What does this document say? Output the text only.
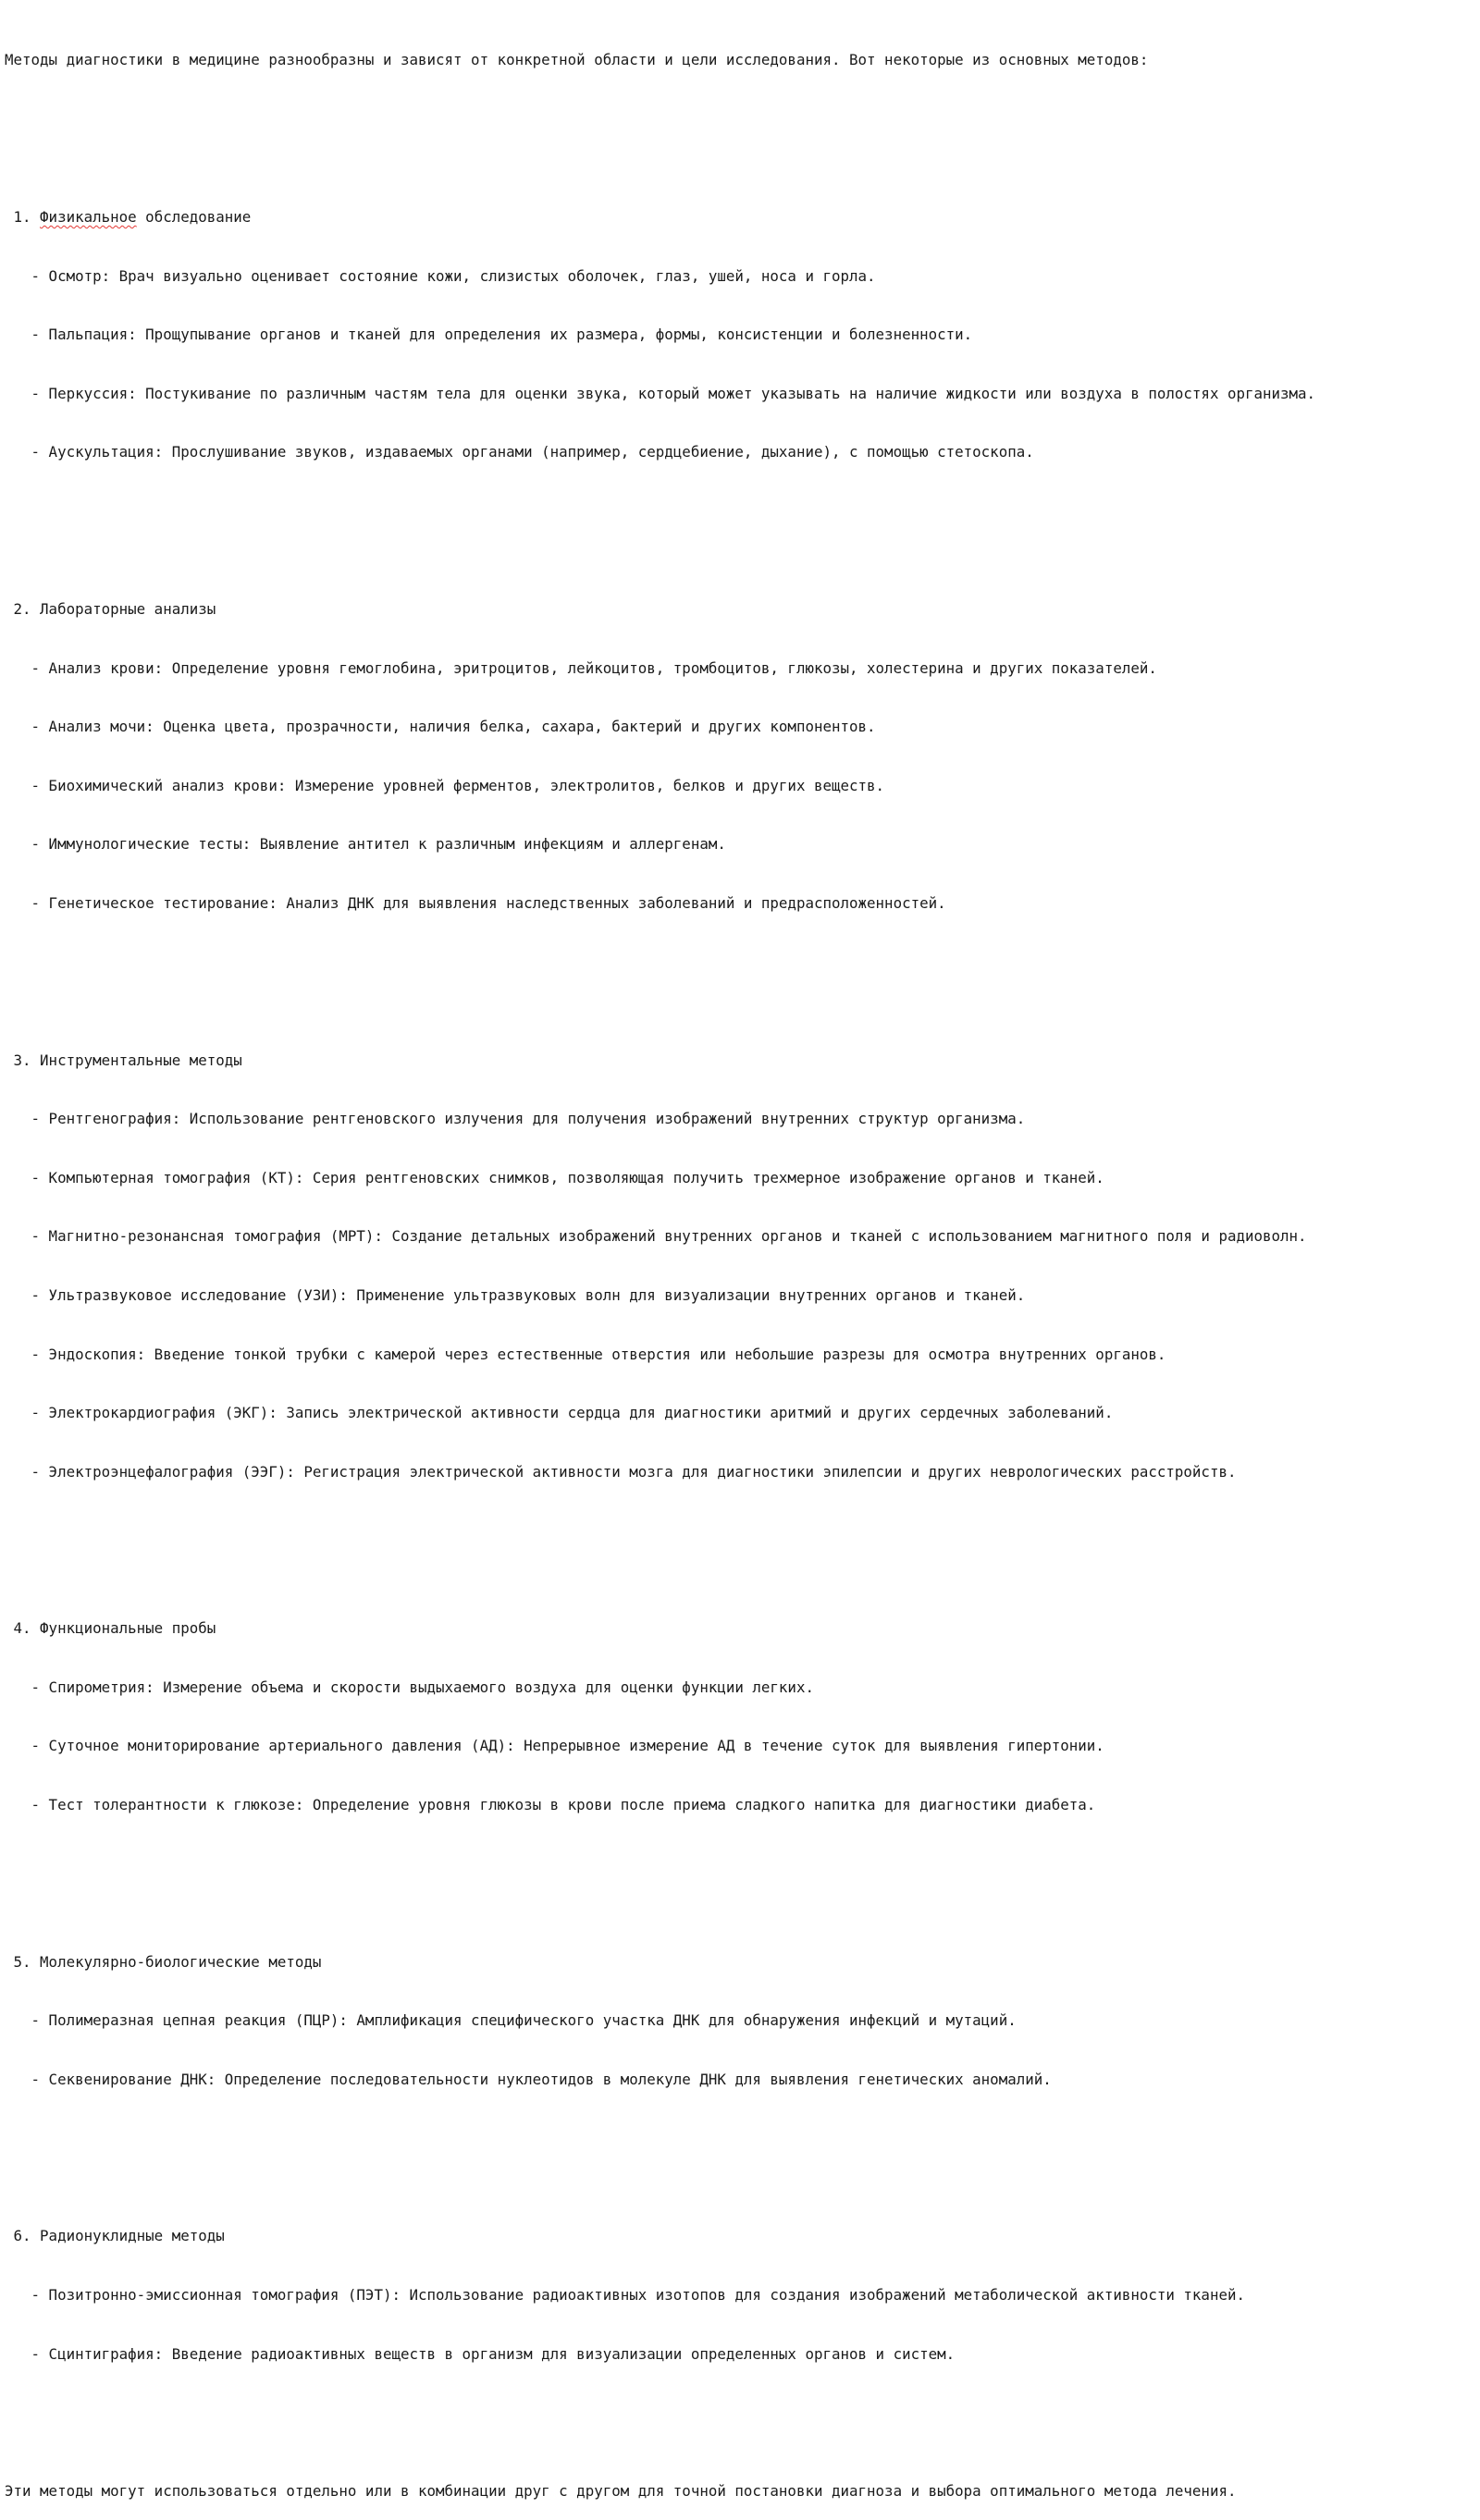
Методы диагностики в медицине разнообразны и зависят от конкретной области и цели исследования. Вот некоторые из основных методов:

1. Физикальное обследование

- Осмотр: Врач визуально оценивает состояние кожи, слизистых оболочек, глаз, ушей, носа и горла.

- Пальпация: Прощупывание органов и тканей для определения их размера, формы, консистенции и болезненности.

- Перкуссия: Постукивание по различным частям тела для оценки звука, который может указывать на наличие жидкости или воздуха в полостях организма.

- Аускультация: Прослушивание звуков, издаваемых органами (например, сердцебиение, дыхание), с помощью стетоскопа.

2. Лабораторные анализы

- Анализ крови: Определение уровня гемоглобина, эритроцитов, лейкоцитов, тромбоцитов, глюкозы, холестерина и других показателей.

- Анализ мочи: Оценка цвета, прозрачности, наличия белка, сахара, бактерий и других компонентов.

- Биохимический анализ крови: Измерение уровней ферментов, электролитов, белков и других веществ.

- Иммунологические тесты: Выявление антител к различным инфекциям и аллергенам.

- Генетическое тестирование: Анализ ДНК для выявления наследственных заболеваний и предрасположенностей.

3. Инструментальные методы

- Рентгенография: Использование рентгеновского излучения для получения изображений внутренних структур организма.

- Компьютерная томография (КТ): Серия рентгеновских снимков, позволяющая получить трехмерное изображение органов и тканей.

- Магнитно-резонансная томография (МРТ): Создание детальных изображений внутренних органов и тканей с использованием магнитного поля и радиоволн.

- Ультразвуковое исследование (УЗИ): Применение ультразвуковых волн для визуализации внутренних органов и тканей.

- Эндоскопия: Введение тонкой трубки с камерой через естественные отверстия или небольшие разрезы для осмотра внутренних органов.

- Электрокардиография (ЭКГ): Запись электрической активности сердца для диагностики аритмий и других сердечных заболеваний.

- Электроэнцефалография (ЭЭГ): Регистрация электрической активности мозга для диагностики эпилепсии и других неврологических расстройств.

4. Функциональные пробы

- Спирометрия: Измерение объема и скорости выдыхаемого воздуха для оценки функции легких.

- Суточное мониторирование артериального давления (АД): Непрерывное измерение АД в течение суток для выявления гипертонии.

- Тест толерантности к глюкозе: Определение уровня глюкозы в крови после приема сладкого напитка для диагностики диабета.

5. Молекулярно-биологические методы

- Полимеразная цепная реакция (ПЦР): Амплификация специфического участка ДНК для обнаружения инфекций и мутаций.

- Секвенирование ДНК: Определение последовательности нуклеотидов в молекуле ДНК для выявления генетических аномалий.

6. Радионуклидные методы

- Позитронно-эмиссионная томография (ПЭТ): Использование радиоактивных изотопов для создания изображений метаболической активности тканей.

- Сцинтиграфия: Введение радиоактивных веществ в организм для визуализации определенных органов и систем.

Эти методы могут использоваться отдельно или в комбинации друг с другом для точной постановки диагноза и выбора оптимального метода лечения.
